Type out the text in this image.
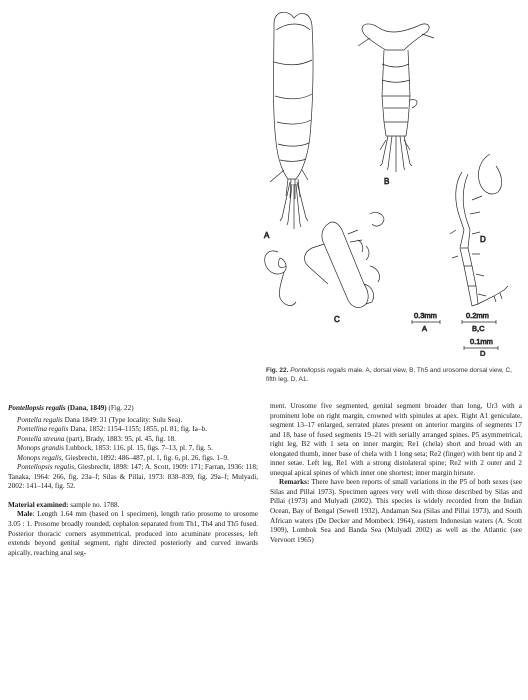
A
B
D
C	0.3mm
A
0.2mm
B,C
0.1mm
D
Fig. 22. Pontellopsis regalis male. A, dorsal view, B, Th5 and urosome dorsal view, C, fifth leg, D, A1.

Pontellopsis regalis (Dana, 1849) (Fig. 22)

Pontella regalis Dana 1849: 31 (Type locality: Sulu Sea).

Pontellina regalis Dana, 1852: 1154–1155; 1855, pl. 81, fig. Ia–b.

Pontella streuna (part), Brady, 1883: 95, pl. 45, fig. 18.

Monops grandis Lubbock, 1853: 116, pl. 15, figs. 7–13, pl. 7, fig. 5.

Monops regalis, Giesbrecht, 1892: 486–487, pl. 1, fig. 6, pl. 26, figs. 1–9.

Pontellopsis regalis, Giesbrecht, 1898: 147; A. Scott, 1909: 171; Farran, 1936: 118; Tanaka, 1964: 266, fig. 23a–f; Silas & Pillai, 1973: 838–839, fig. 29a–f; Mulyadi, 2002: 141–144, fig. 52.

Material examined: sample no. 1788.

Male: Length 1.64 mm (based on 1 specimen), length ratio prosome to urosome 3.05 : 1. Prosome broadly rounded, cephalon separated from Th1, Th4 and Th5 fused. Posterior thoracic corners asymmetrical, produced into acuminate processes, left extends beyond genital segment, right directed posteriorly and curved inwards apically, reaching anal seg-

ment. Urosome five segmented, genital segment broader than long, Ur3 with a prominent lobe on right margin, crowned with spinules at apex. Right A1 geniculate, segment 13–17 enlarged, serrated plates present on anterior margins of segments 17 and 18, base of fused segments 19–21 with serially arranged spines. P5 asymmetrical, right leg, B2 with 1 seta on inner margin; Re1 (chela) short and broad with an elongated thumb, inner base of chela with 1 long seta; Re2 (finger) with bent tip and 2 inner setae. Left leg, Re1 with a strong distolateral spine; Re2 with 2 outer and 2 unequal apical spines of which inner one shortest; inner margin hirsute.

Remarks: There have been reports of small variations in the P5 of both sexes (see Silas and Pillai 1973). Specimen agrees very well with those described by Silas and Pillai (1973) and Mulyadi (2002). This species is widely recorded from the Indian Ocean, Bay of Bengal (Sewell 1932), Andaman Sea (Silas and Pillai 1973), and South African waters (De Decker and Mombeck 1964), eastern Indonesian waters (A. Scott 1909), Lombok Sea and Banda Sea (Mulyadi 2002) as well as the Atlantic (see Vervoort 1965)
